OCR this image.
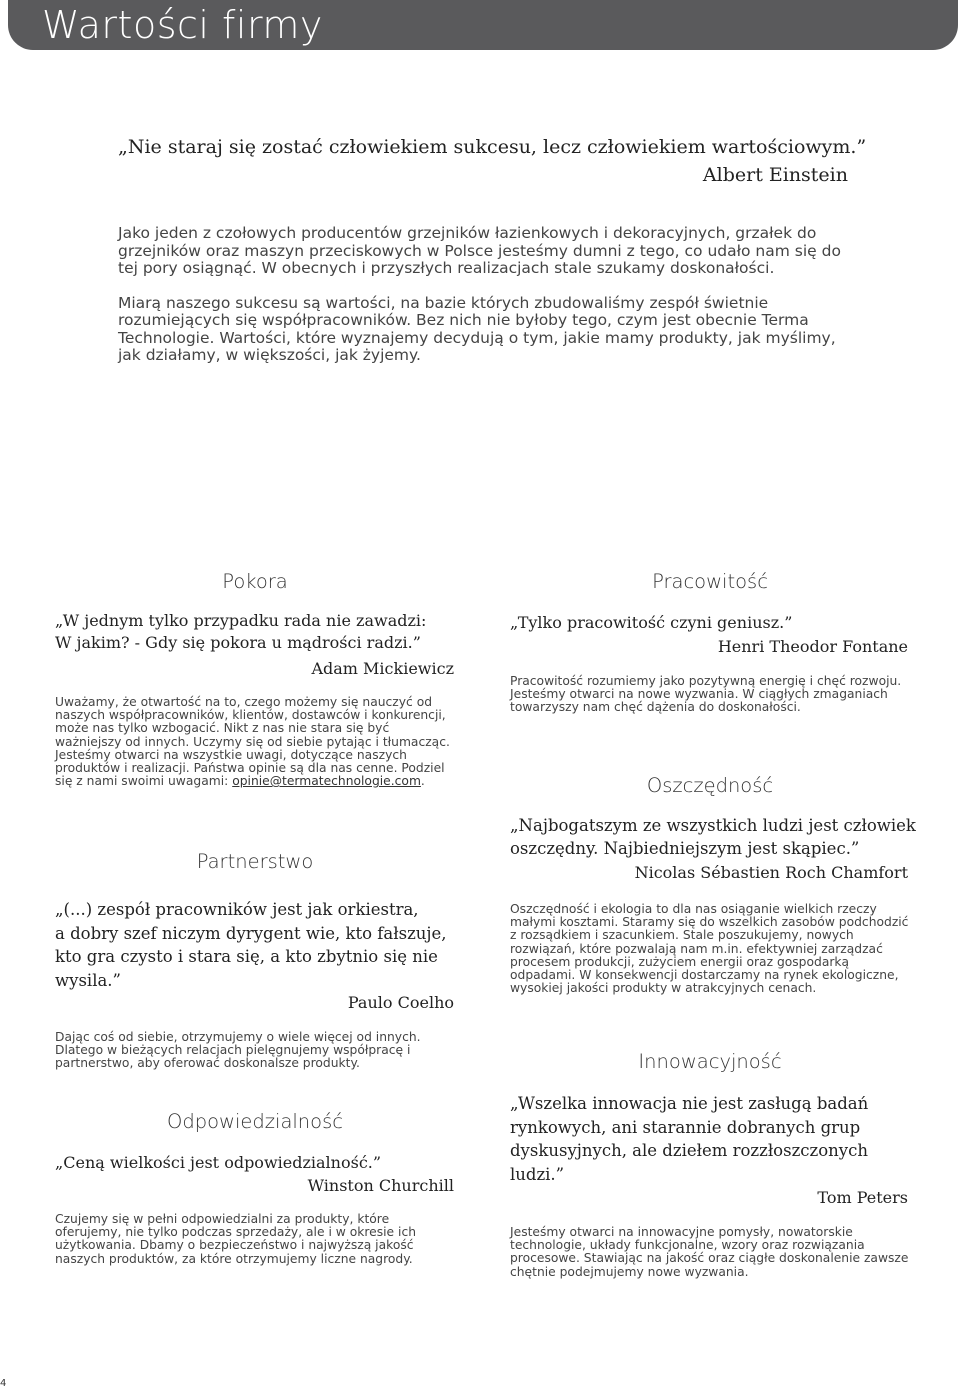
Wartości firmy
„Nie staraj się zostać człowiekiem sukcesu, lecz człowiekiem wartościowym.”
Albert Einstein

Jako jeden z czołowych producentów grzejników łazienkowych i dekoracyjnych, grzałek do grzejników oraz maszyn przeciskowych w Polsce jesteśmy dumni z tego, co udało nam się do tej pory osiągnąć. W obecnych i przyszłych realizacjach stale szukamy doskonałości.

Miarą naszego sukcesu są wartości, na bazie których zbudowaliśmy zespół świetnie rozumiejących się współpracowników. Bez nich nie byłoby tego, czym jest obecnie Terma Technologie. Wartości, które wyznajemy decydują o tym, jakie mamy produkty, jak myślimy, jak działamy, w większości, jak żyjemy.

Pokora
„W jednym tylko przypadku rada nie zawadzi:
W jakim? - Gdy się pokora u mądrości radzi.”
Adam Mickiewicz
Uważamy, że otwartość na to, czego możemy się nauczyć od naszych współpracowników, klientów, dostawców i konkurencji, może nas tylko wzbogacić. Nikt z nas nie stara się być ważniejszy od innych. Uczymy się od siebie pytając i tłumacząc. Jesteśmy otwarci na wszystkie uwagi, dotyczące naszych produktów i realizacji. Państwa opinie są dla nas cenne. Podziel się z nami swoimi uwagami: opinie@termatechnologie.com.
Partnerstwo
„(...) zespół pracowników jest jak orkiestra,
a dobry szef niczym dyrygent wie, kto fałszuje,
kto gra czysto i stara się, a kto zbytnio się nie
wysila.”
Paulo Coelho
Dając coś od siebie, otrzymujemy o wiele więcej od innych. Dlatego w bieżących relacjach pielęgnujemy współpracę i partnerstwo, aby oferować doskonalsze produkty.
Odpowiedzialność
„Ceną wielkości jest odpowiedzialność.”
Winston Churchill
Czujemy się w pełni odpowiedzialni za produkty, które oferujemy, nie tylko podczas sprzedaży, ale i w okresie ich użytkowania. Dbamy o bezpieczeństwo i najwyższą jakość naszych produktów, za które otrzymujemy liczne nagrody.
Pracowitość
„Tylko pracowitość czyni geniusz.”
Henri Theodor Fontane
Pracowitość rozumiemy jako pozytywną energię i chęć rozwoju. Jesteśmy otwarci na nowe wyzwania. W ciągłych zmaganiach towarzyszy nam chęć dążenia do doskonałości.
Oszczędność
„Najbogatszym ze wszystkich ludzi jest człowiek
oszczędny. Najbiedniejszym jest skąpiec.”
Nicolas Sébastien Roch Chamfort
Oszczędność i ekologia to dla nas osiąganie wielkich rzeczy małymi kosztami. Staramy się do wszelkich zasobów podchodzić z rozsądkiem i szacunkiem. Stale poszukujemy, nowych rozwiązań, które pozwalają nam m.in. efektywniej zarządzać procesem produkcji, zużyciem energii oraz gospodarką odpadami. W konsekwencji dostarczamy na rynek ekologiczne, wysokiej jakości produkty w atrakcyjnych cenach.
Innowacyjność
„Wszelka innowacja nie jest zasługą badań
rynkowych, ani starannie dobranych grup
dyskusyjnych, ale dziełem rozzłoszczonych
ludzi.”
Tom Peters
Jesteśmy otwarci na innowacyjne pomysły, nowatorskie technologie, układy funkcjonalne, wzory oraz rozwiązania procesowe. Stawiając na jakość oraz ciągłe doskonalenie zawsze chętnie podejmujemy nowe wyzwania.
4
